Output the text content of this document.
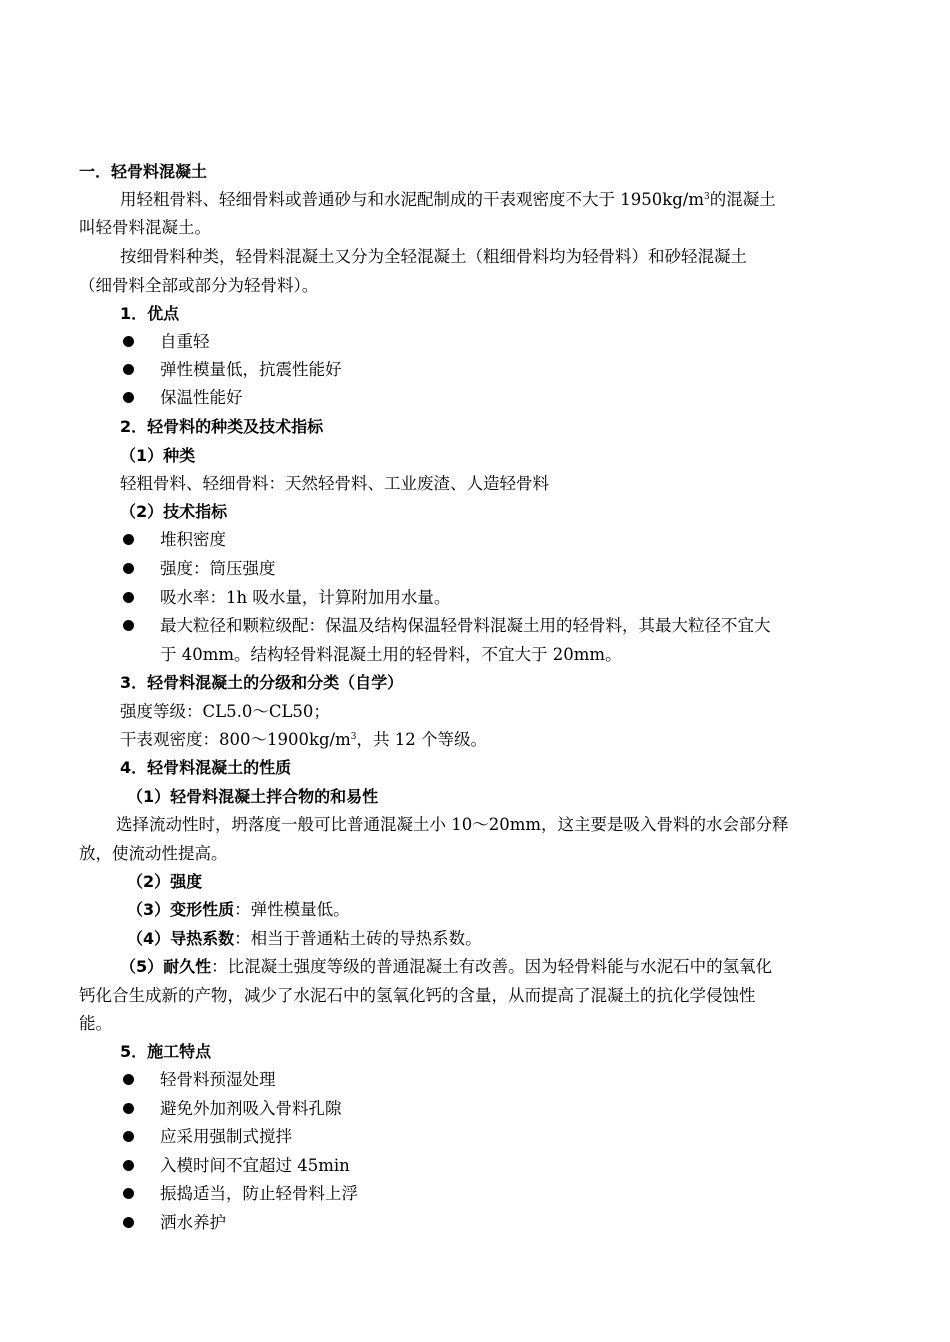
一．轻骨料混凝土
用轻粗骨料、轻细骨料或普通砂与和水泥配制成的干表观密度不大于 $1950kg/m^3$的混凝土
叫轻骨料混凝土。
按细骨料种类，轻骨料混凝土又分为全轻混凝土（粗细骨料均为轻骨料）和砂轻混凝土
（细骨料全部或部分为轻骨料）。
1．优点
自重轻
弹性模量低，抗震性能好
保温性能好
2．轻骨料的种类及技术指标
（1）种类
轻粗骨料、轻细骨料：天然轻骨料、工业废渣、人造轻骨料
（2）技术指标
堆积密度
强度：筒压强度
吸水率：1h 吸水量，计算附加用水量。
最大粒径和颗粒级配：保温及结构保温轻骨料混凝土用的轻骨料，其最大粒径不宜大
于 40mm。结构轻骨料混凝土用的轻骨料，不宜大于 20mm。
3．轻骨料混凝土的分级和分类（自学）
强度等级：CL5.0～CL50；
干表观密度：$800\sim 1900kg/m^3$，共 12 个等级。
4．轻骨料混凝土的性质
（1）轻骨料混凝土拌合物的和易性
选择流动性时，坍落度一般可比普通混凝土小 10～20mm，这主要是吸入骨料的水会部分释
放，使流动性提高。
（2）强度
（3）变形性质：弹性模量低。
（4）导热系数：相当于普通粘土砖的导热系数。
（5）耐久性：比混凝土强度等级的普通混凝土有改善。因为轻骨料能与水泥石中的氢氧化
钙化合生成新的产物，减少了水泥石中的氢氧化钙的含量，从而提高了混凝土的抗化学侵蚀性
能。
5．施工特点
轻骨料预湿处理
避免外加剂吸入骨料孔隙
应采用强制式搅拌
入模时间不宜超过 45min
振捣适当，防止轻骨料上浮
洒水养护
